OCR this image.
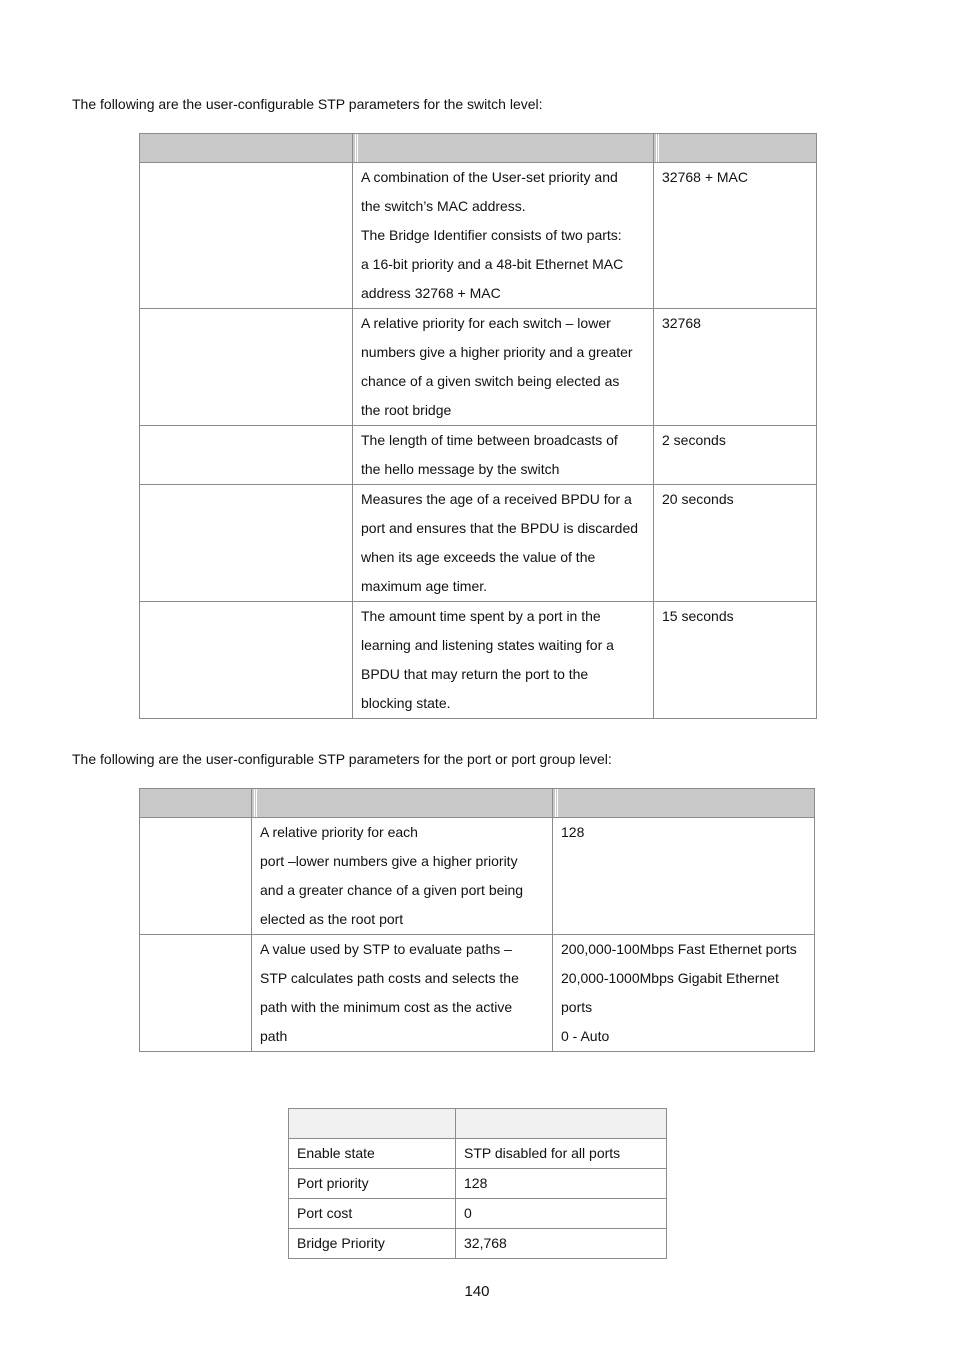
The following are the user-configurable STP parameters for the switch level:

	A combination of the User-set priority and
the switch’s MAC address.
The Bridge Identifier consists of two parts:
a 16-bit priority and a 48-bit Ethernet MAC
address 32768 + MAC	32768 + MAC

	A relative priority for each switch – lower
numbers give a higher priority and a greater
chance of a given switch being elected as
the root bridge	32768

	The length of time between broadcasts of
the hello message by the switch	2 seconds

	Measures the age of a received BPDU for a
port and ensures that the BPDU is discarded
when its age exceeds the value of the
maximum age timer.	20 seconds

	The amount time spent by a port in the
learning and listening states waiting for a
BPDU that may return the port to the
blocking state.	15 seconds

The following are the user-configurable STP parameters for the port or port group level:

	A relative priority for each
port –lower numbers give a higher priority
and a greater chance of a given port being
elected as the root port	128

	A value used by STP to evaluate paths –
STP calculates path costs and selects the
path with the minimum cost as the active
path	200,000-100Mbps Fast Ethernet ports
20,000-1000Mbps Gigabit Ethernet
ports
0 - Auto

Enable state	STP disabled for all ports
Port priority	128
Port cost	0
Bridge Priority	32,768
140
